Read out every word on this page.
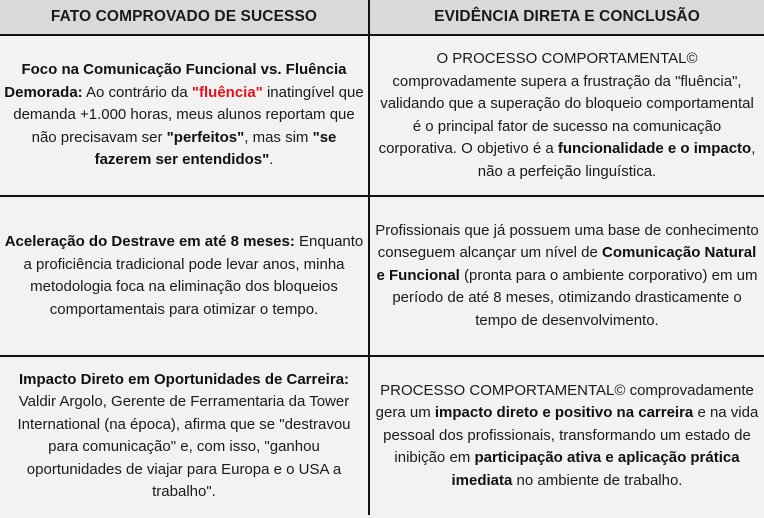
FATO COMPROVADO DE SUCESSO	EVIDÊNCIA DIRETA E CONCLUSÃO
Foco na Comunicação Funcional vs. Fluência Demorada: Ao contrário da "fluência" inatingível que demanda +1.000 horas, meus alunos reportam que não precisavam ser "perfeitos", mas sim "se fazerem ser entendidos".	O PROCESSO COMPORTAMENTAL© comprovadamente supera a frustração da "fluência", validando que a superação do bloqueio comportamental é o principal fator de sucesso na comunicação corporativa. O objetivo é a funcionalidade e o impacto, não a perfeição linguística.
Aceleração do Destrave em até 8 meses: Enquanto a proficiência tradicional pode levar anos, minha metodologia foca na eliminação dos bloqueios comportamentais para otimizar o tempo.	Profissionais que já possuem uma base de conhecimento conseguem alcançar um nível de Comunicação Natural e Funcional (pronta para o ambiente corporativo) em um período de até 8 meses, otimizando drasticamente o tempo de desenvolvimento.
Impacto Direto em Oportunidades de Carreira: Valdir Argolo, Gerente de Ferramentaria da Tower International (na época), afirma que se "destravou para comunicação" e, com isso, "ganhou oportunidades de viajar para Europa e o USA a trabalho".	PROCESSO COMPORTAMENTAL© comprovadamente gera um impacto direto e positivo na carreira e na vida pessoal dos profissionais, transformando um estado de inibição em participação ativa e aplicação prática imediata no ambiente de trabalho.
